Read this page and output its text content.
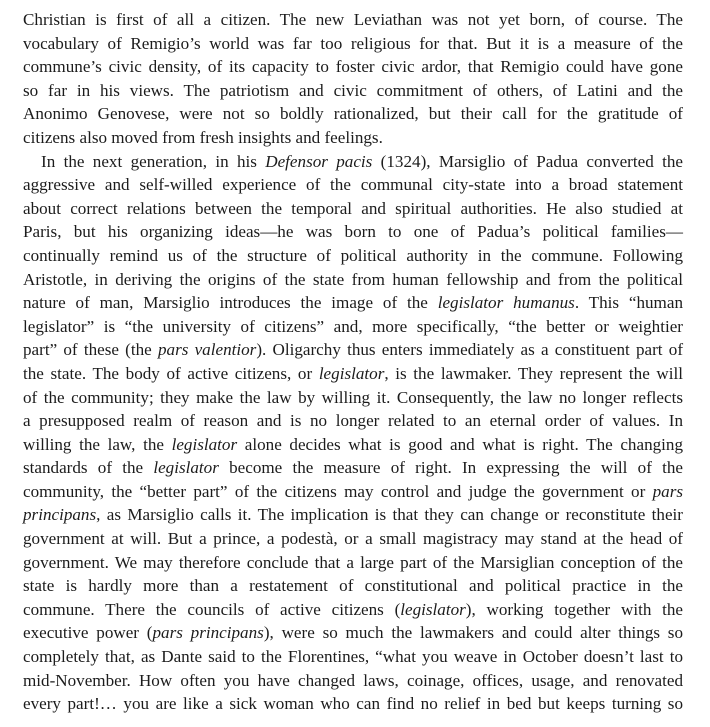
Christian is first of all a citizen. The new Leviathan was not yet born, of course. The
vocabulary of Remigio’s world was far too religious for that. But it is a measure of the
commune’s civic density, of its capacity to foster civic ardor, that Remigio could have gone
so far in his views. The patriotism and civic commitment of others, of Latini and the
Anonimo Genovese, were not so boldly rationalized, but their call for the gratitude of
citizens also moved from fresh insights and feelings.
In the next generation, in his Defensor pacis (1324), Marsiglio of Padua converted the
aggressive and self-willed experience of the communal city-state into a broad statement
about correct relations between the temporal and spiritual authorities. He also studied at
Paris, but his organizing ideas—he was born to one of Padua’s political families—
continually remind us of the structure of political authority in the commune. Following
Aristotle, in deriving the origins of the state from human fellowship and from the political
nature of man, Marsiglio introduces the image of the legislator humanus. This “human
legislator” is “the university of citizens” and, more specifically, “the better or weightier
part” of these (the pars valentior). Oligarchy thus enters immediately as a constituent part of
the state. The body of active citizens, or legislator, is the lawmaker. They represent the will
of the community; they make the law by willing it. Consequently, the law no longer reflects
a presupposed realm of reason and is no longer related to an eternal order of values. In
willing the law, the legislator alone decides what is good and what is right. The changing
standards of the legislator become the measure of right. In expressing the will of the
community, the “better part” of the citizens may control and judge the government or pars
principans, as Marsiglio calls it. The implication is that they can change or reconstitute their
government at will. But a prince, a podestà, or a small magistracy may stand at the head of
government. We may therefore conclude that a large part of the Marsiglian conception of the
state is hardly more than a restatement of constitutional and political practice in the
commune. There the councils of active citizens (legislator), working together with the
executive power (pars principans), were so much the lawmakers and could alter things so
completely that, as Dante said to the Florentines, “what you weave in October doesn’t last to
mid-November. How often you have changed laws, coinage, offices, usage, and renovated
every part!… you are like a sick woman who can find no relief in bed but keeps turning so
